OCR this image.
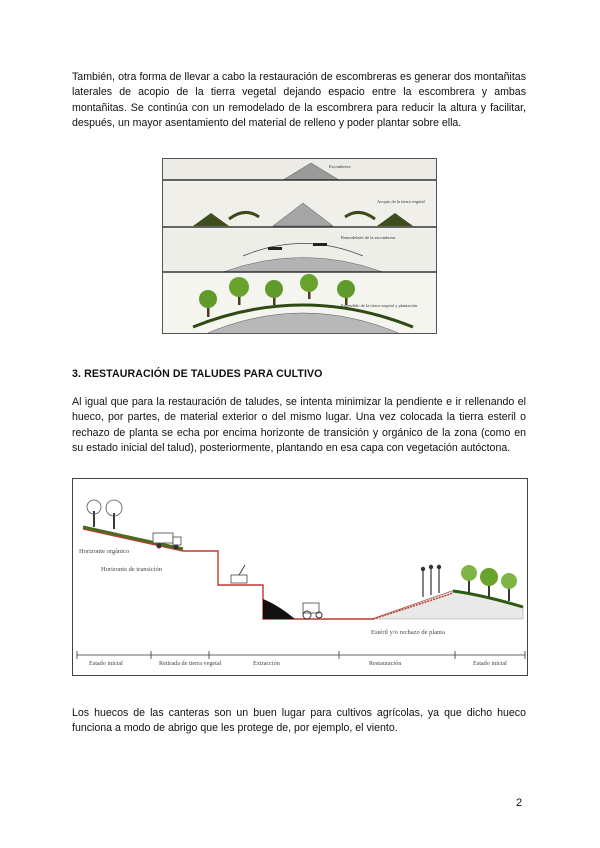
También, otra forma de llevar a cabo la restauración de escombreras es generar dos montañitas laterales de acopio de la tierra vegetal dejando espacio entre la escombrera y ambas montañitas. Se continúa con un remodelado de la escombrera para reducir la altura y facilitar, después, un mayor asentamiento del material de relleno y poder plantar sobre ella.

Escombrera
Acopio de la tierra vegetal
Remodelado de la escombrera
Extendido de la tierra vegetal y plantación
3. RESTAURACIÓN DE TALUDES PARA CULTIVO

Al igual que para la restauración de taludes, se intenta minimizar la pendiente e ir rellenando el hueco, por partes, de material exterior o del mismo lugar. Una vez colocada la tierra esteril o rechazo de planta se echa por encima horizonte de transición y orgánico de la zona (como en su estado inicial del talud), posteriormente, plantando en esa capa con vegetación autóctona.

Horizonte orgánico
Horizonte de transición
Estéril y/o rechazo de planta
Estado inicial	Retirada de tierra vegetal	Extracción	Restauración	Estado inicial

Los huecos de las canteras son un buen lugar para cultivos agrícolas, ya que dicho hueco funciona a modo de abrigo que les protege de, por ejemplo, el viento.

2
